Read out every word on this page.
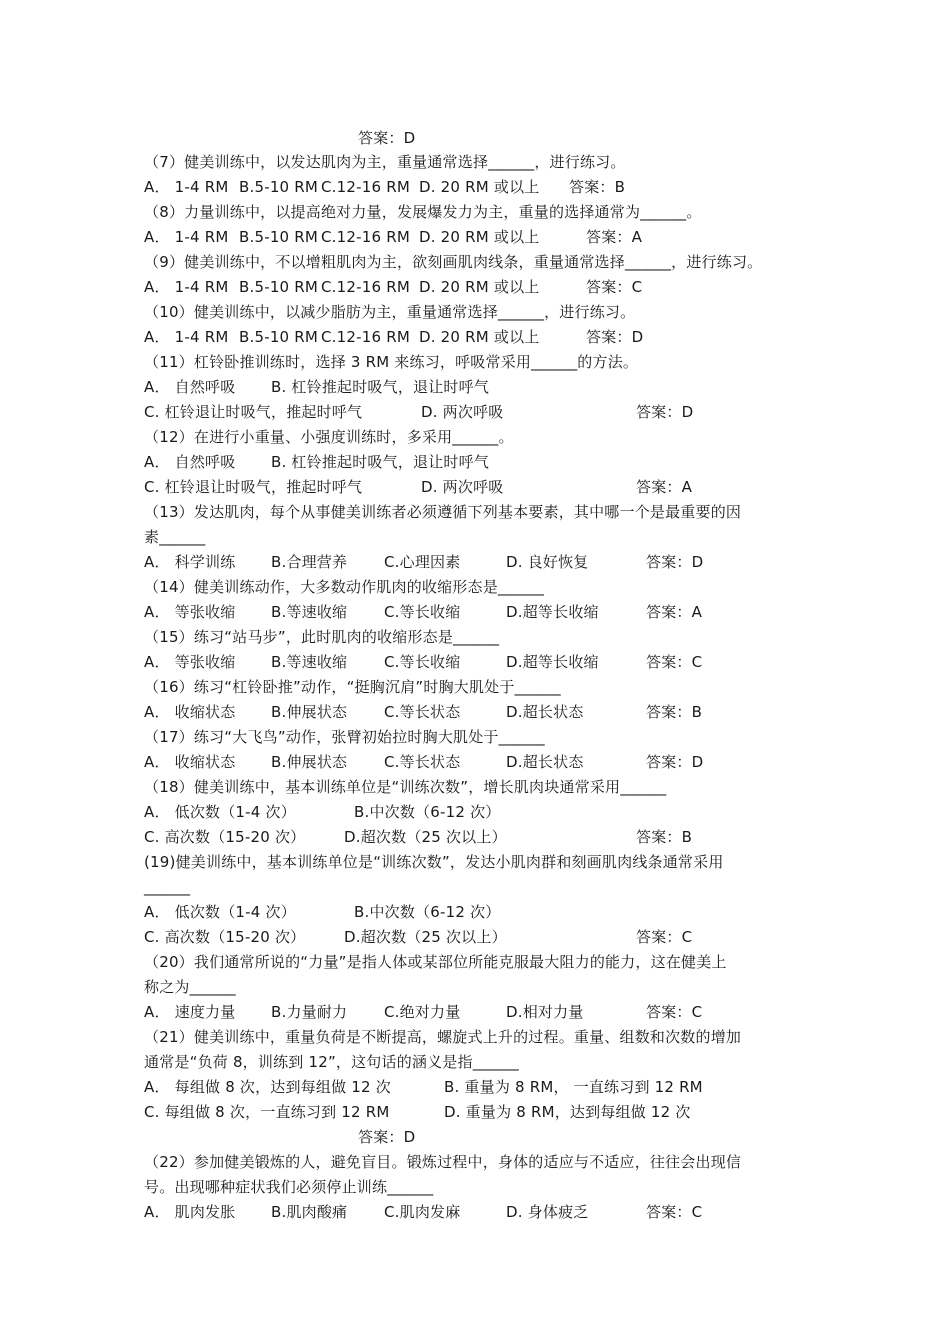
答案：D
（7）健美训练中，以发达肌肉为主，重量通常选择______，进行练习。
A． 1-4 RM B.5-10 RM C.12-16 RM D. 20 RM 或以上 答案：B
（8）力量训练中，以提高绝对力量，发展爆发力为主，重量的选择通常为______。
A． 1-4 RM B.5-10 RM C.12-16 RM D. 20 RM 或以上	答案：A
（9）健美训练中，不以增粗肌肉为主，欲刻画肌肉线条，重量通常选择______，进行练习。
A． 1-4 RM B.5-10 RM C.12-16 RM D. 20 RM 或以上	答案：C
（10）健美训练中，以减少脂肪为主，重量通常选择______，进行练习。
A． 1-4 RM B.5-10 RM C.12-16 RM D. 20 RM 或以上	答案：D
（11）杠铃卧推训练时，选择 3 RM 来练习，呼吸常采用______的方法。
A． 自然呼吸 B. 杠铃推起时吸气，退让时呼气
C. 杠铃退让时吸气，推起时呼气	D. 两次呼吸	答案：D
（12）在进行小重量、小强度训练时，多采用______。
A． 自然呼吸 B. 杠铃推起时吸气，退让时呼气
C. 杠铃退让时吸气，推起时呼气	D. 两次呼吸	答案：A
（13）发达肌肉，每个从事健美训练者必须遵循下列基本要素，其中哪一个是最重要的因
素______
A． 科学训练 B.合理营养 C.心理因素	D. 良好恢复	答案：D
（14）健美训练动作，大多数动作肌肉的收缩形态是______
A． 等张收缩 B.等速收缩 C.等长收缩	D.超等长收缩	答案：A
（15）练习“站马步”，此时肌肉的收缩形态是______
A． 等张收缩 B.等速收缩 C.等长收缩	D.超等长收缩	答案：C
（16）练习“杠铃卧推”动作，“挺胸沉肩”时胸大肌处于______
A． 收缩状态 B.伸展状态 C.等长状态	D.超长状态	答案：B
（17）练习“大飞鸟”动作，张臂初始拉时胸大肌处于______
A． 收缩状态 B.伸展状态 C.等长状态	D.超长状态	答案：D
（18）健美训练中，基本训练单位是“训练次数”，增长肌肉块通常采用______
A． 低次数（1-4 次）	B.中次数（6-12 次）
C. 高次数（15-20 次）	D.超次数（25 次以上）	答案：B
(19)健美训练中，基本训练单位是“训练次数”，发达小肌肉群和刻画肌肉线条通常采用
______
A． 低次数（1-4 次）	B.中次数（6-12 次）
C. 高次数（15-20 次）	D.超次数（25 次以上）	答案：C
（20）我们通常所说的“力量”是指人体或某部位所能克服最大阻力的能力，这在健美上
称之为______
A． 速度力量 B.力量耐力 C.绝对力量	D.相对力量	答案：C
（21）健美训练中，重量负荷是不断提高，螺旋式上升的过程。重量、组数和次数的增加
通常是“负荷 8，训练到 12”，这句话的涵义是指______
A． 每组做 8 次，达到每组做 12 次	B. 重量为 8 RM， 一直练习到 12 RM
C. 每组做 8 次，一直练习到 12 RM	D. 重量为 8 RM，达到每组做 12 次
答案：D
（22）参加健美锻炼的人，避免盲目。锻炼过程中，身体的适应与不适应，往往会出现信
号。出现哪种症状我们必须停止训练______
A． 肌肉发胀 B.肌肉酸痛 C.肌肉发麻	D. 身体疲乏	答案：C
